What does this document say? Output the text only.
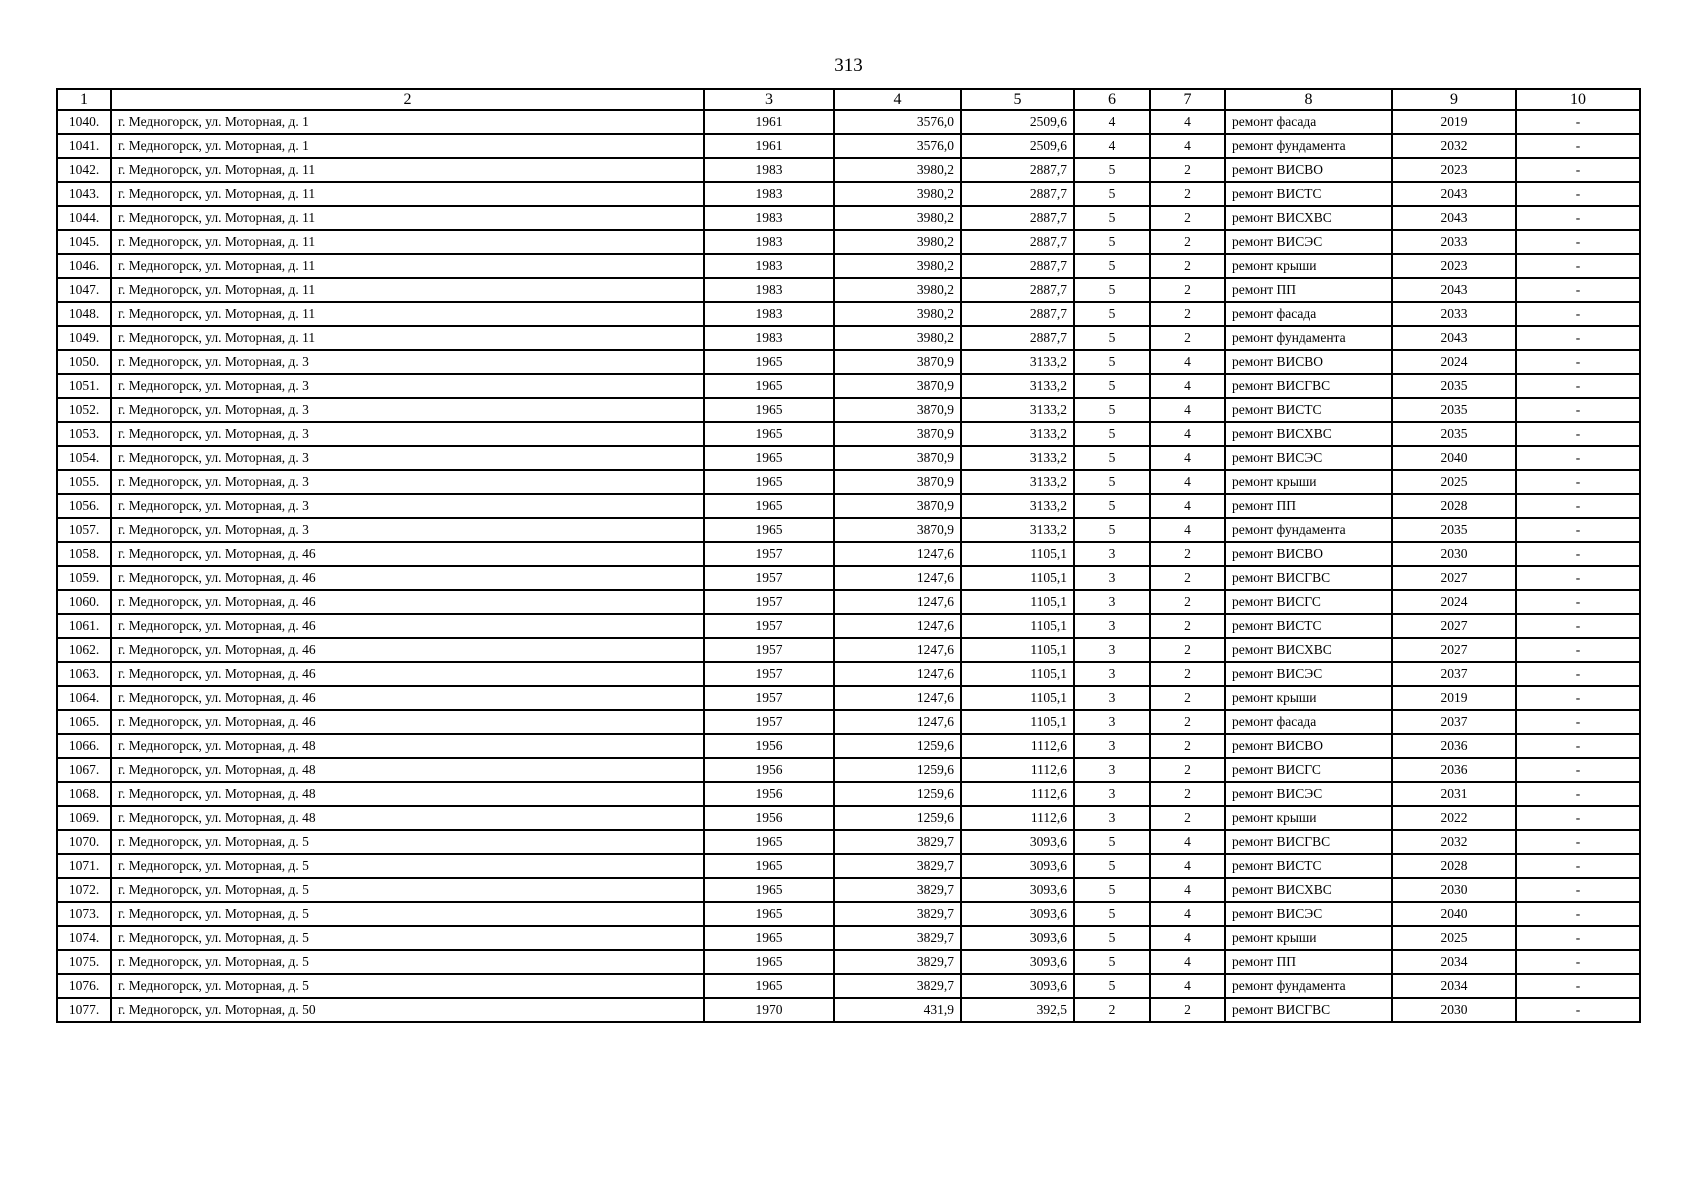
313
1	2	3	4	5	6	7	8	9	10
1040.	г. Медногорск, ул. Моторная, д. 1	1961	3576,0	2509,6	4	4	ремонт фасада	2019	-
1041.	г. Медногорск, ул. Моторная, д. 1	1961	3576,0	2509,6	4	4	ремонт фундамента	2032	-
1042.	г. Медногорск, ул. Моторная, д. 11	1983	3980,2	2887,7	5	2	ремонт ВИСВО	2023	-
1043.	г. Медногорск, ул. Моторная, д. 11	1983	3980,2	2887,7	5	2	ремонт ВИСТС	2043	-
1044.	г. Медногорск, ул. Моторная, д. 11	1983	3980,2	2887,7	5	2	ремонт ВИСХВС	2043	-
1045.	г. Медногорск, ул. Моторная, д. 11	1983	3980,2	2887,7	5	2	ремонт ВИСЭС	2033	-
1046.	г. Медногорск, ул. Моторная, д. 11	1983	3980,2	2887,7	5	2	ремонт крыши	2023	-
1047.	г. Медногорск, ул. Моторная, д. 11	1983	3980,2	2887,7	5	2	ремонт ПП	2043	-
1048.	г. Медногорск, ул. Моторная, д. 11	1983	3980,2	2887,7	5	2	ремонт фасада	2033	-
1049.	г. Медногорск, ул. Моторная, д. 11	1983	3980,2	2887,7	5	2	ремонт фундамента	2043	-
1050.	г. Медногорск, ул. Моторная, д. 3	1965	3870,9	3133,2	5	4	ремонт ВИСВО	2024	-
1051.	г. Медногорск, ул. Моторная, д. 3	1965	3870,9	3133,2	5	4	ремонт ВИСГВС	2035	-
1052.	г. Медногорск, ул. Моторная, д. 3	1965	3870,9	3133,2	5	4	ремонт ВИСТС	2035	-
1053.	г. Медногорск, ул. Моторная, д. 3	1965	3870,9	3133,2	5	4	ремонт ВИСХВС	2035	-
1054.	г. Медногорск, ул. Моторная, д. 3	1965	3870,9	3133,2	5	4	ремонт ВИСЭС	2040	-
1055.	г. Медногорск, ул. Моторная, д. 3	1965	3870,9	3133,2	5	4	ремонт крыши	2025	-
1056.	г. Медногорск, ул. Моторная, д. 3	1965	3870,9	3133,2	5	4	ремонт ПП	2028	-
1057.	г. Медногорск, ул. Моторная, д. 3	1965	3870,9	3133,2	5	4	ремонт фундамента	2035	-
1058.	г. Медногорск, ул. Моторная, д. 46	1957	1247,6	1105,1	3	2	ремонт ВИСВО	2030	-
1059.	г. Медногорск, ул. Моторная, д. 46	1957	1247,6	1105,1	3	2	ремонт ВИСГВС	2027	-
1060.	г. Медногорск, ул. Моторная, д. 46	1957	1247,6	1105,1	3	2	ремонт ВИСГС	2024	-
1061.	г. Медногорск, ул. Моторная, д. 46	1957	1247,6	1105,1	3	2	ремонт ВИСТС	2027	-
1062.	г. Медногорск, ул. Моторная, д. 46	1957	1247,6	1105,1	3	2	ремонт ВИСХВС	2027	-
1063.	г. Медногорск, ул. Моторная, д. 46	1957	1247,6	1105,1	3	2	ремонт ВИСЭС	2037	-
1064.	г. Медногорск, ул. Моторная, д. 46	1957	1247,6	1105,1	3	2	ремонт крыши	2019	-
1065.	г. Медногорск, ул. Моторная, д. 46	1957	1247,6	1105,1	3	2	ремонт фасада	2037	-
1066.	г. Медногорск, ул. Моторная, д. 48	1956	1259,6	1112,6	3	2	ремонт ВИСВО	2036	-
1067.	г. Медногорск, ул. Моторная, д. 48	1956	1259,6	1112,6	3	2	ремонт ВИСГС	2036	-
1068.	г. Медногорск, ул. Моторная, д. 48	1956	1259,6	1112,6	3	2	ремонт ВИСЭС	2031	-
1069.	г. Медногорск, ул. Моторная, д. 48	1956	1259,6	1112,6	3	2	ремонт крыши	2022	-
1070.	г. Медногорск, ул. Моторная, д. 5	1965	3829,7	3093,6	5	4	ремонт ВИСГВС	2032	-
1071.	г. Медногорск, ул. Моторная, д. 5	1965	3829,7	3093,6	5	4	ремонт ВИСТС	2028	-
1072.	г. Медногорск, ул. Моторная, д. 5	1965	3829,7	3093,6	5	4	ремонт ВИСХВС	2030	-
1073.	г. Медногорск, ул. Моторная, д. 5	1965	3829,7	3093,6	5	4	ремонт ВИСЭС	2040	-
1074.	г. Медногорск, ул. Моторная, д. 5	1965	3829,7	3093,6	5	4	ремонт крыши	2025	-
1075.	г. Медногорск, ул. Моторная, д. 5	1965	3829,7	3093,6	5	4	ремонт ПП	2034	-
1076.	г. Медногорск, ул. Моторная, д. 5	1965	3829,7	3093,6	5	4	ремонт фундамента	2034	-
1077.	г. Медногорск, ул. Моторная, д. 50	1970	431,9	392,5	2	2	ремонт ВИСГВС	2030	-
